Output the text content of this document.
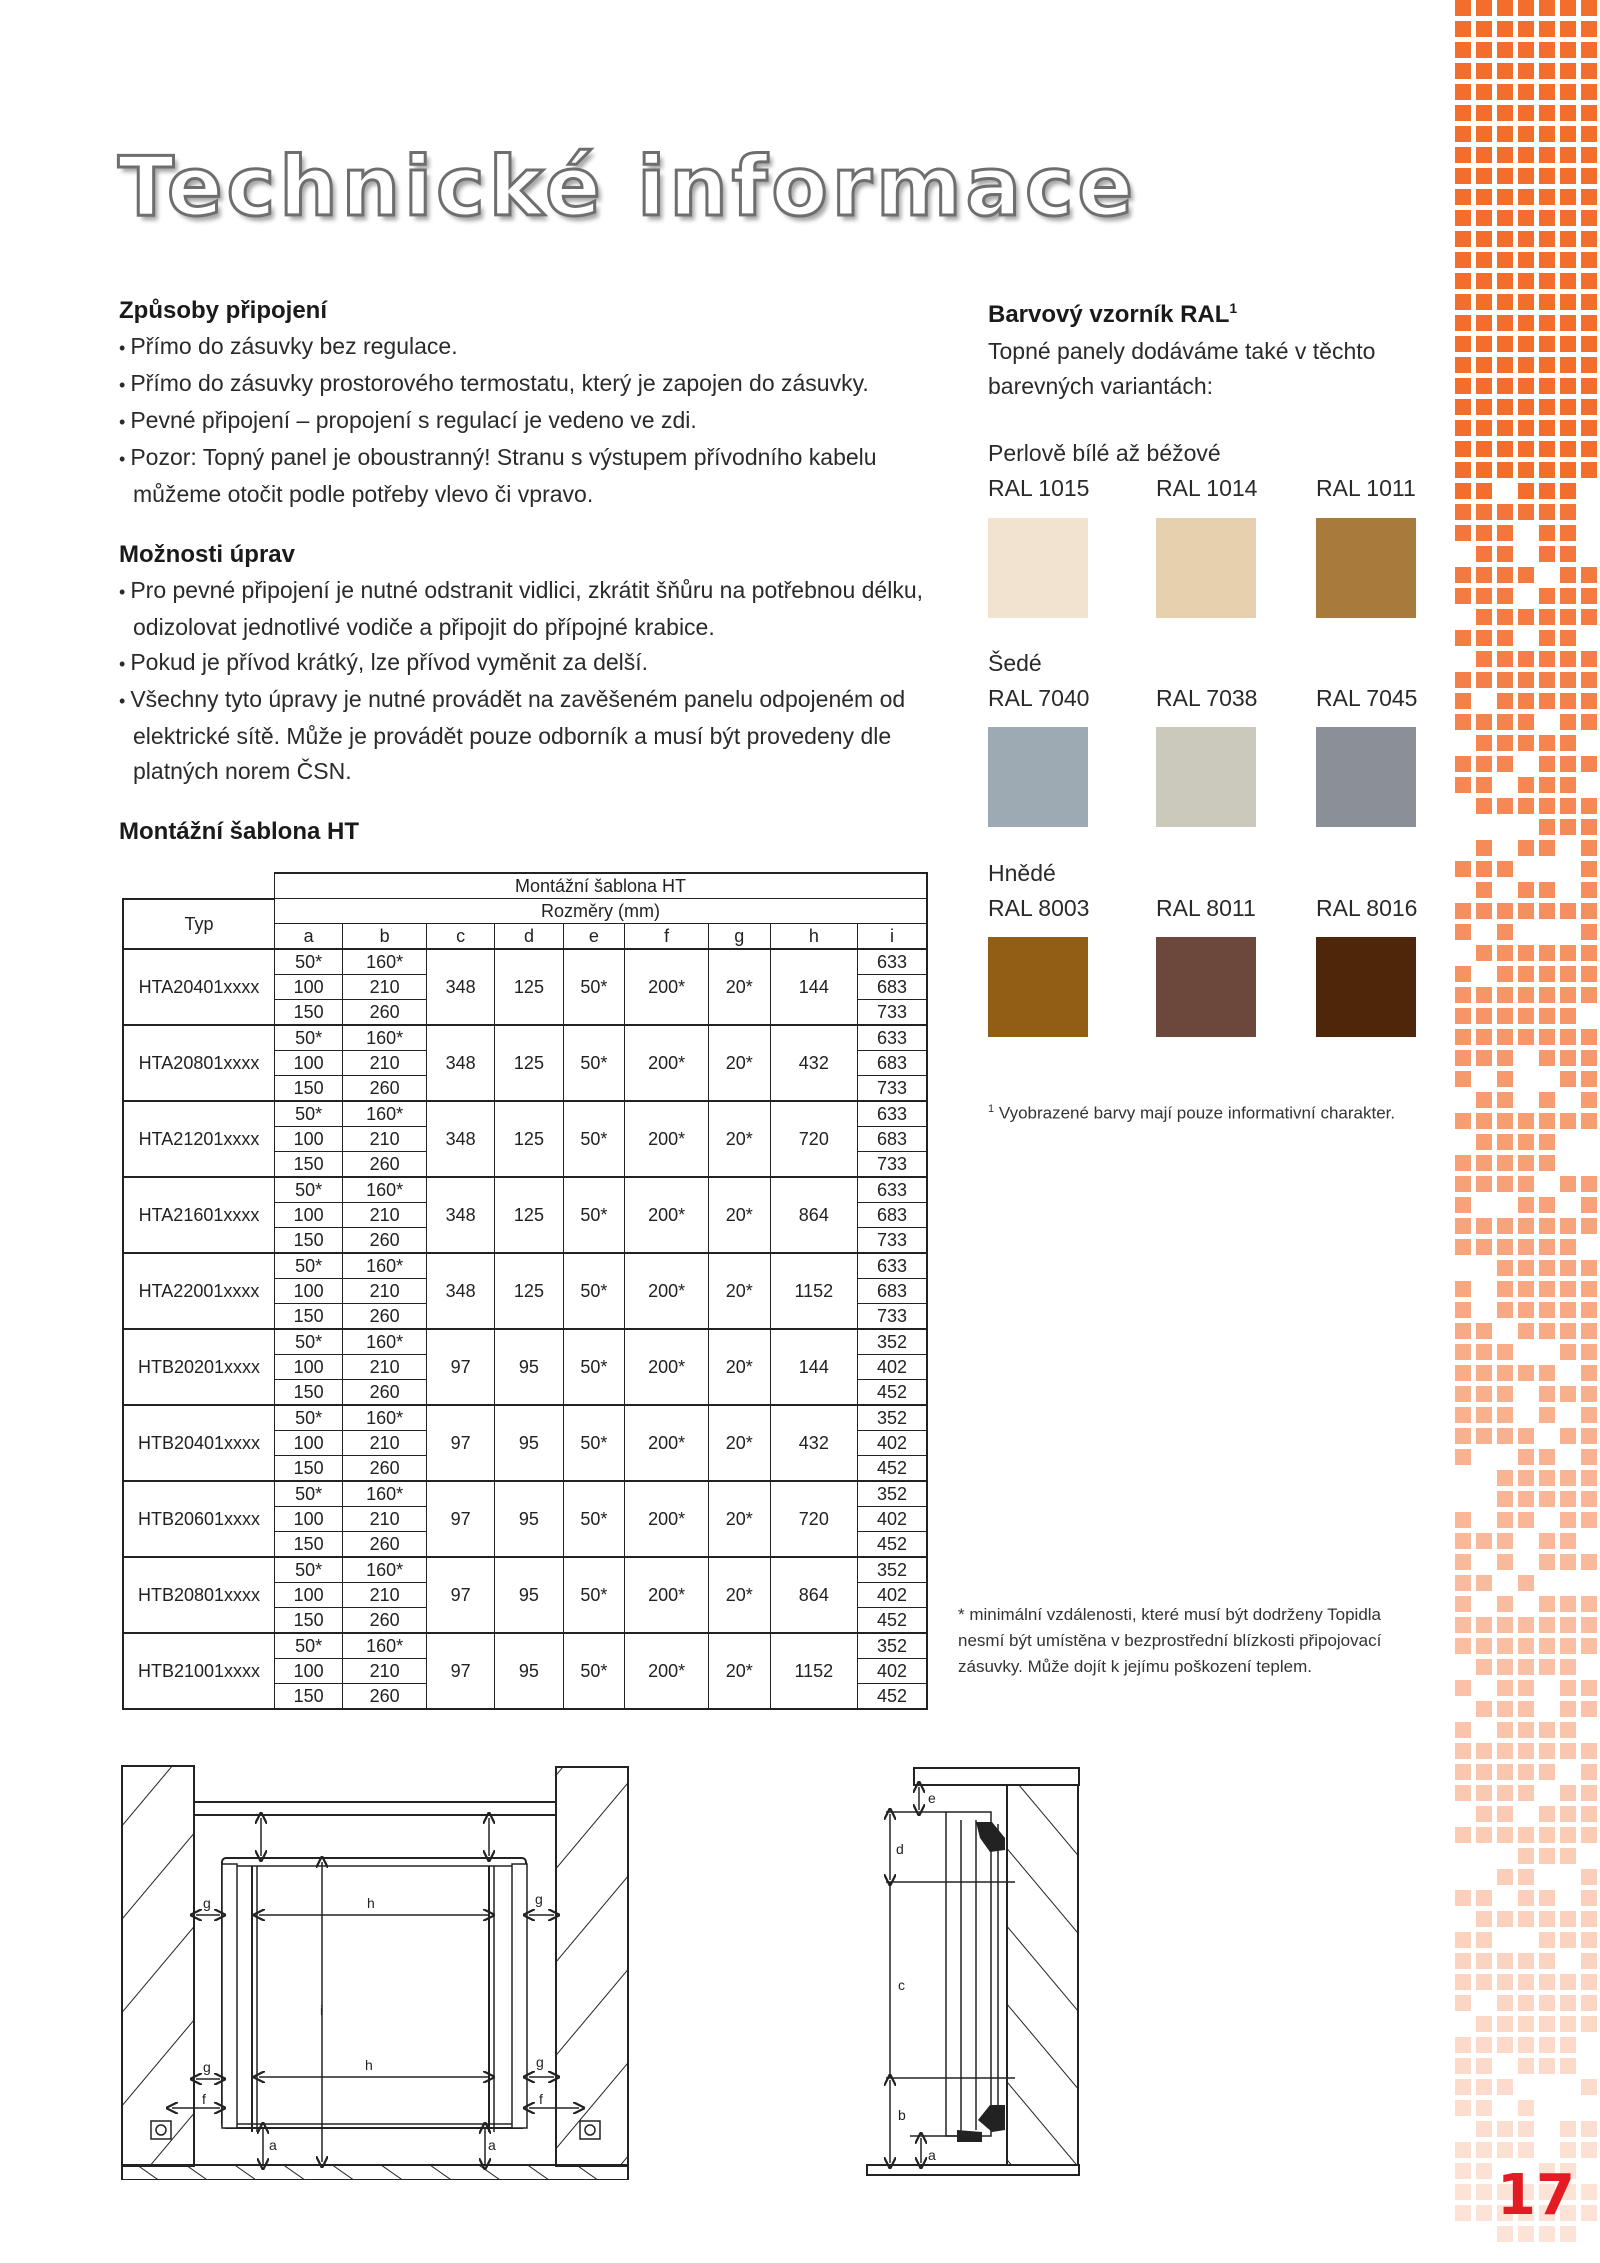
Technické informace
Způsoby připojení
• Přímo do zásuvky bez regulace.
• Přímo do zásuvky prostorového termostatu, který je zapojen do zásuvky.
• Pevné připojení – propojení s regulací je vedeno ve zdi.
• Pozor: Topný panel je oboustranný! Stranu s výstupem přívodního kabelu můžeme otočit podle potřeby vlevo či vpravo.
Možnosti úprav
• Pro pevné připojení je nutné odstranit vidlici, zkrátit šňůru na potřebnou délku, odizolovat jednotlivé vodiče a připojit do přípojné krabice.
• Pokud je přívod krátký, lze přívod vyměnit za delší.
• Všechny tyto úpravy je nutné provádět na zavěšeném panelu odpojeném od elektrické sítě. Může je provádět pouze odborník a musí být provedeny dle platných norem ČSN.
Montážní šablona HT
	Montážní šablona HT								
Typ	Rozměry (mm)								
	a	b	c	d	e	f	g	h	i
HTA20401xxxx	50*	160*	348	125	50*	200*	20*	144	633
	100	210							683
	150	260							733
HTA20801xxxx	50*	160*	348	125	50*	200*	20*	432	633
	100	210							683
	150	260							733
HTA21201xxxx	50*	160*	348	125	50*	200*	20*	720	633
	100	210							683
	150	260							733
HTA21601xxxx	50*	160*	348	125	50*	200*	20*	864	633
	100	210							683
	150	260							733
HTA22001xxxx	50*	160*	348	125	50*	200*	20*	1152	633
	100	210							683
	150	260							733
HTB20201xxxx	50*	160*	97	95	50*	200*	20*	144	352
	100	210							402
	150	260							452
HTB20401xxxx	50*	160*	97	95	50*	200*	20*	432	352
	100	210							402
	150	260							452
HTB20601xxxx	50*	160*	97	95	50*	200*	20*	720	352
	100	210							402
	150	260							452
HTB20801xxxx	50*	160*	97	95	50*	200*	20*	864	352
	100	210							402
	150	260							452
HTB21001xxxx	50*	160*	97	95	50*	200*	20*	1152	352
	100	210							402
	150	260							452
Barvový vzorník RAL$^1$
Topné panely dodáváme také v těchto barevných variantách:
Perlově bílé až béžové
RAL 1015	RAL 1014	RAL 1011
Šedé
RAL 7040	RAL 7038	RAL 7045
Hnědé
RAL 8003	RAL 8011	RAL 8016
$^1$ Vyobrazené barvy mají pouze informativní charakter.
* minimální vzdálenosti, které musí být dodrženy Topidla nesmí být umístěna v bezprostřední blízkosti připojovací zásuvky. Může dojít k jejímu poškození teplem.
i
h
h
g
g
g
g
f	f
a	a
e
d
c
b
a
17
